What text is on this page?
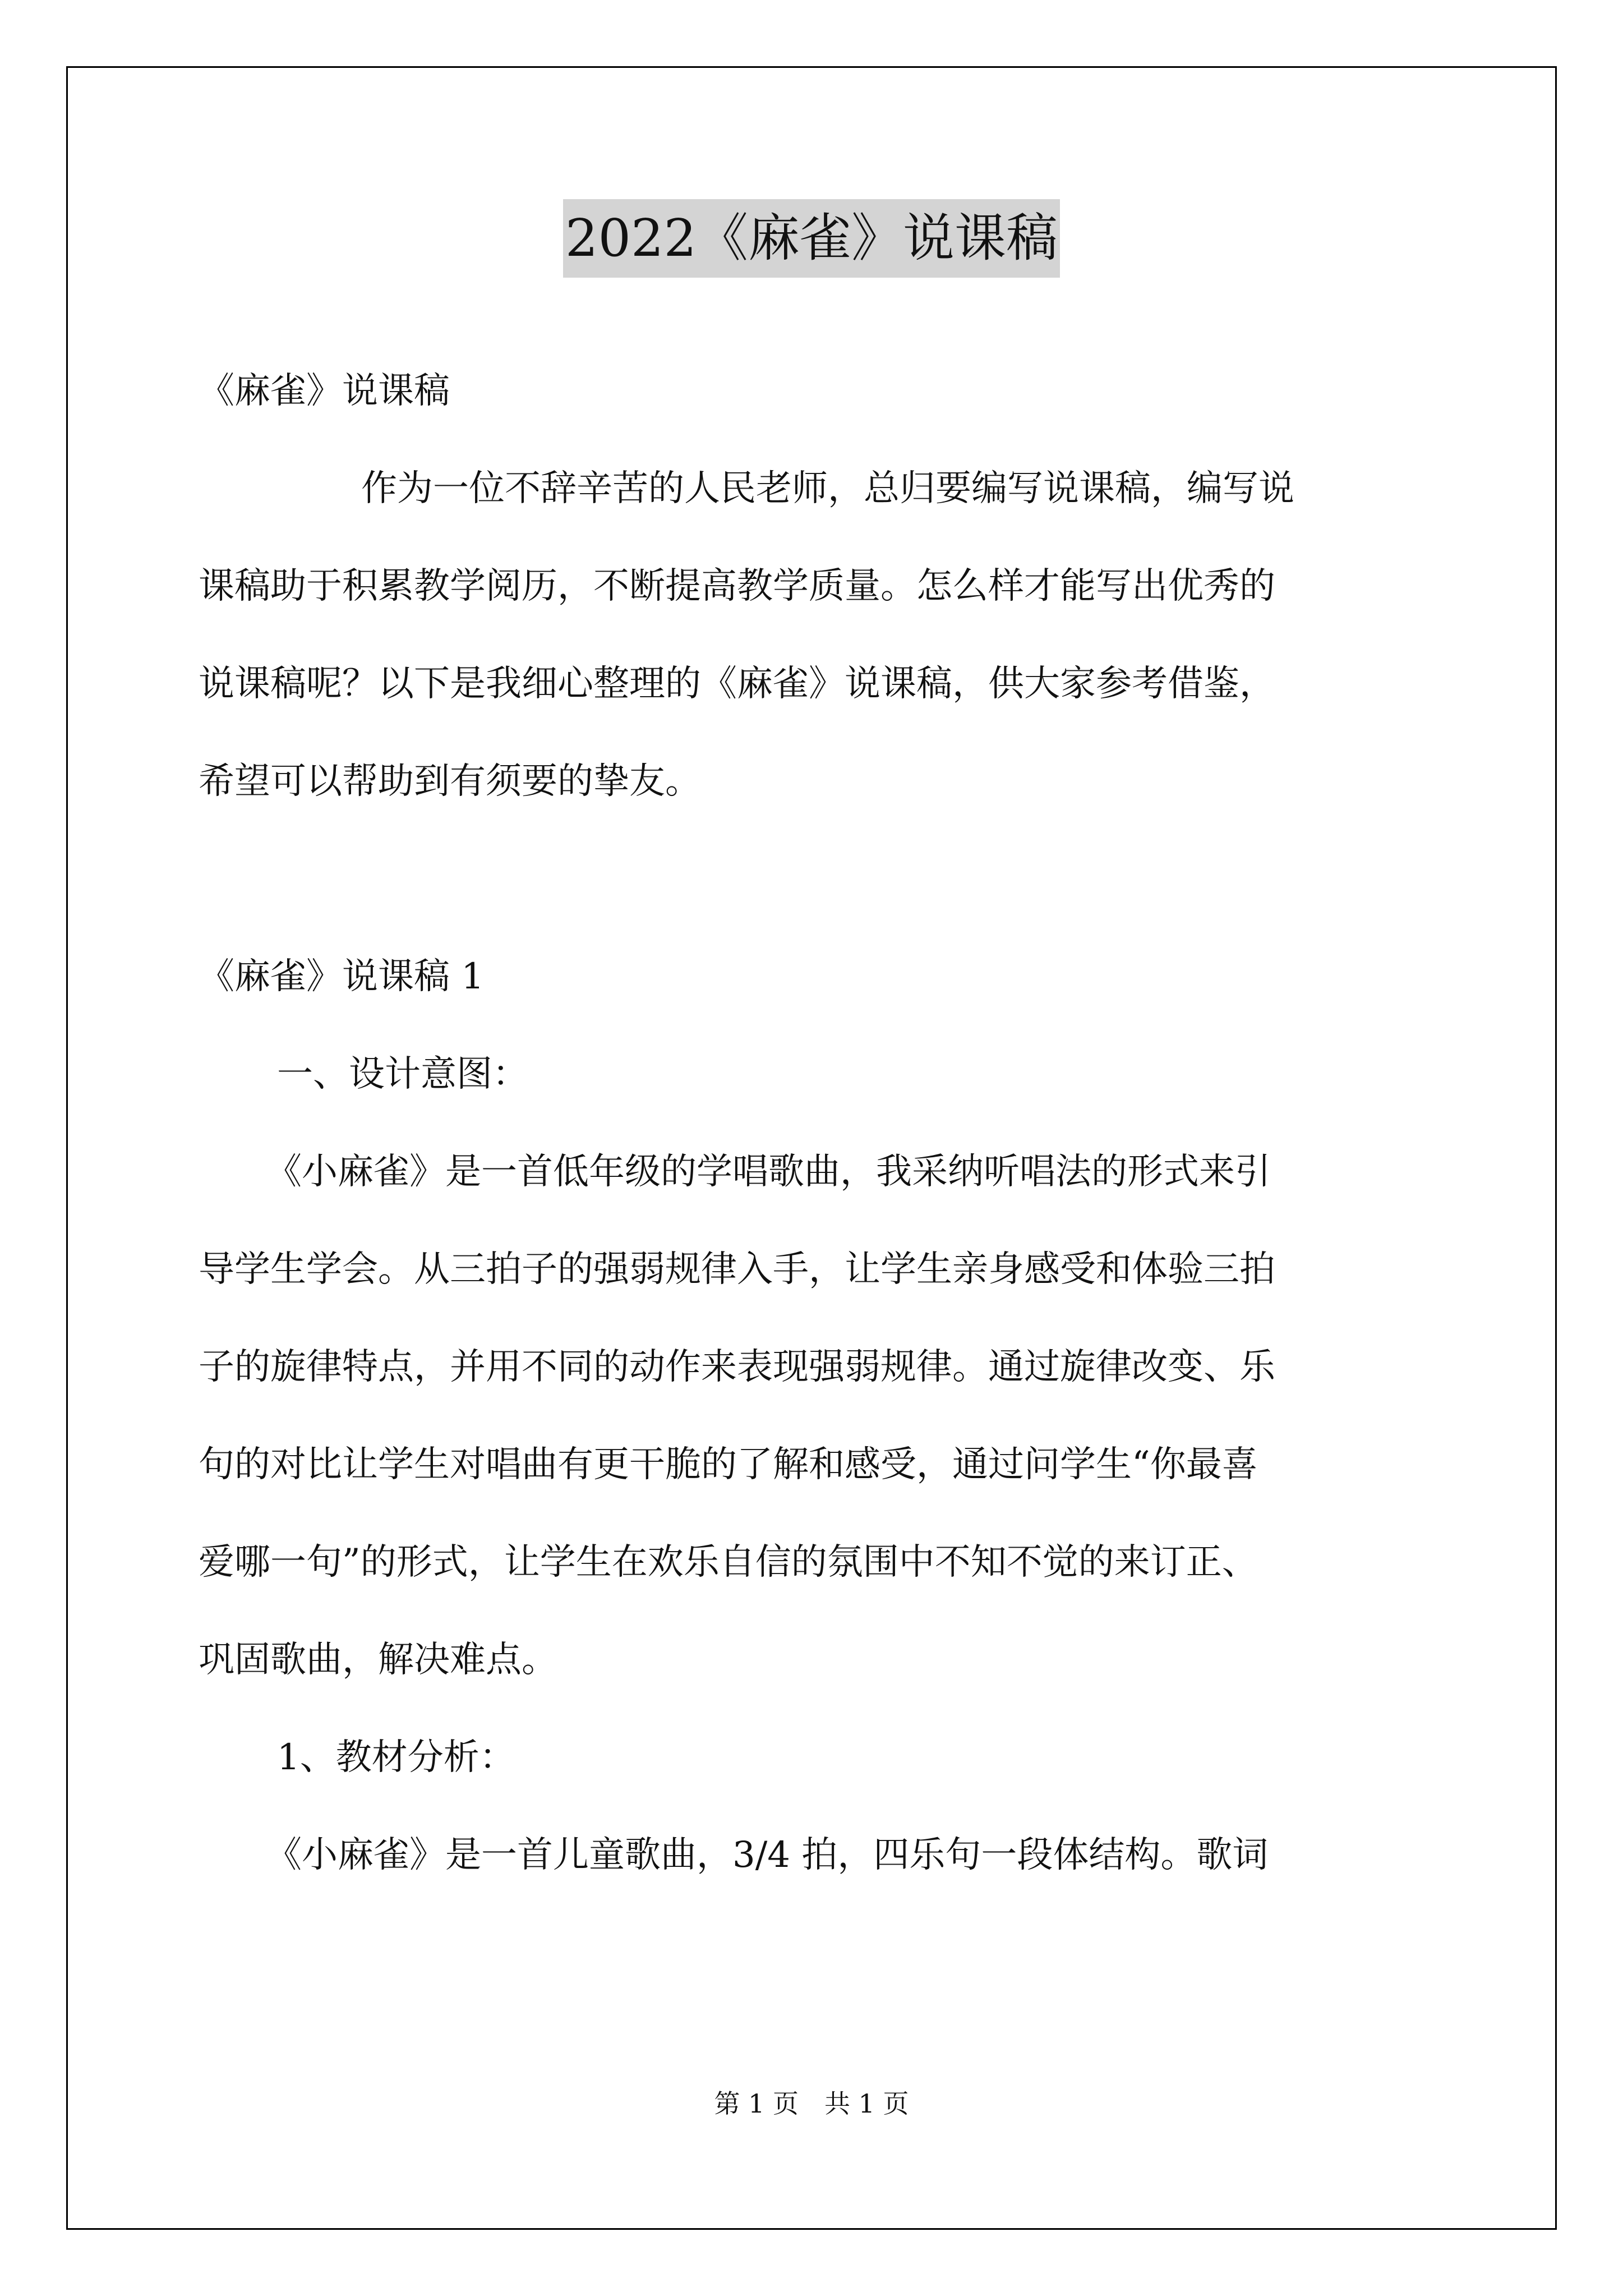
2022《麻雀》说课稿

《麻雀》说课稿

作为一位不辞辛苦的人民老师，总归要编写说课稿，编写说

课稿助于积累教学阅历，不断提高教学质量。怎么样才能写出优秀的

说课稿呢？以下是我细心整理的《麻雀》说课稿，供大家参考借鉴，

希望可以帮助到有须要的挚友。

《麻雀》说课稿 1

一、设计意图：

《小麻雀》是一首低年级的学唱歌曲，我采纳听唱法的形式来引

导学生学会。从三拍子的强弱规律入手，让学生亲身感受和体验三拍

子的旋律特点，并用不同的动作来表现强弱规律。通过旋律改变、乐

句的对比让学生对唱曲有更干脆的了解和感受，通过问学生“你最喜

爱哪一句”的形式，让学生在欢乐自信的氛围中不知不觉的来订正、

巩固歌曲，解决难点。

1、教材分析：

《小麻雀》是一首儿童歌曲，3/4 拍，四乐句一段体结构。歌词

第 1 页　共 1 页
